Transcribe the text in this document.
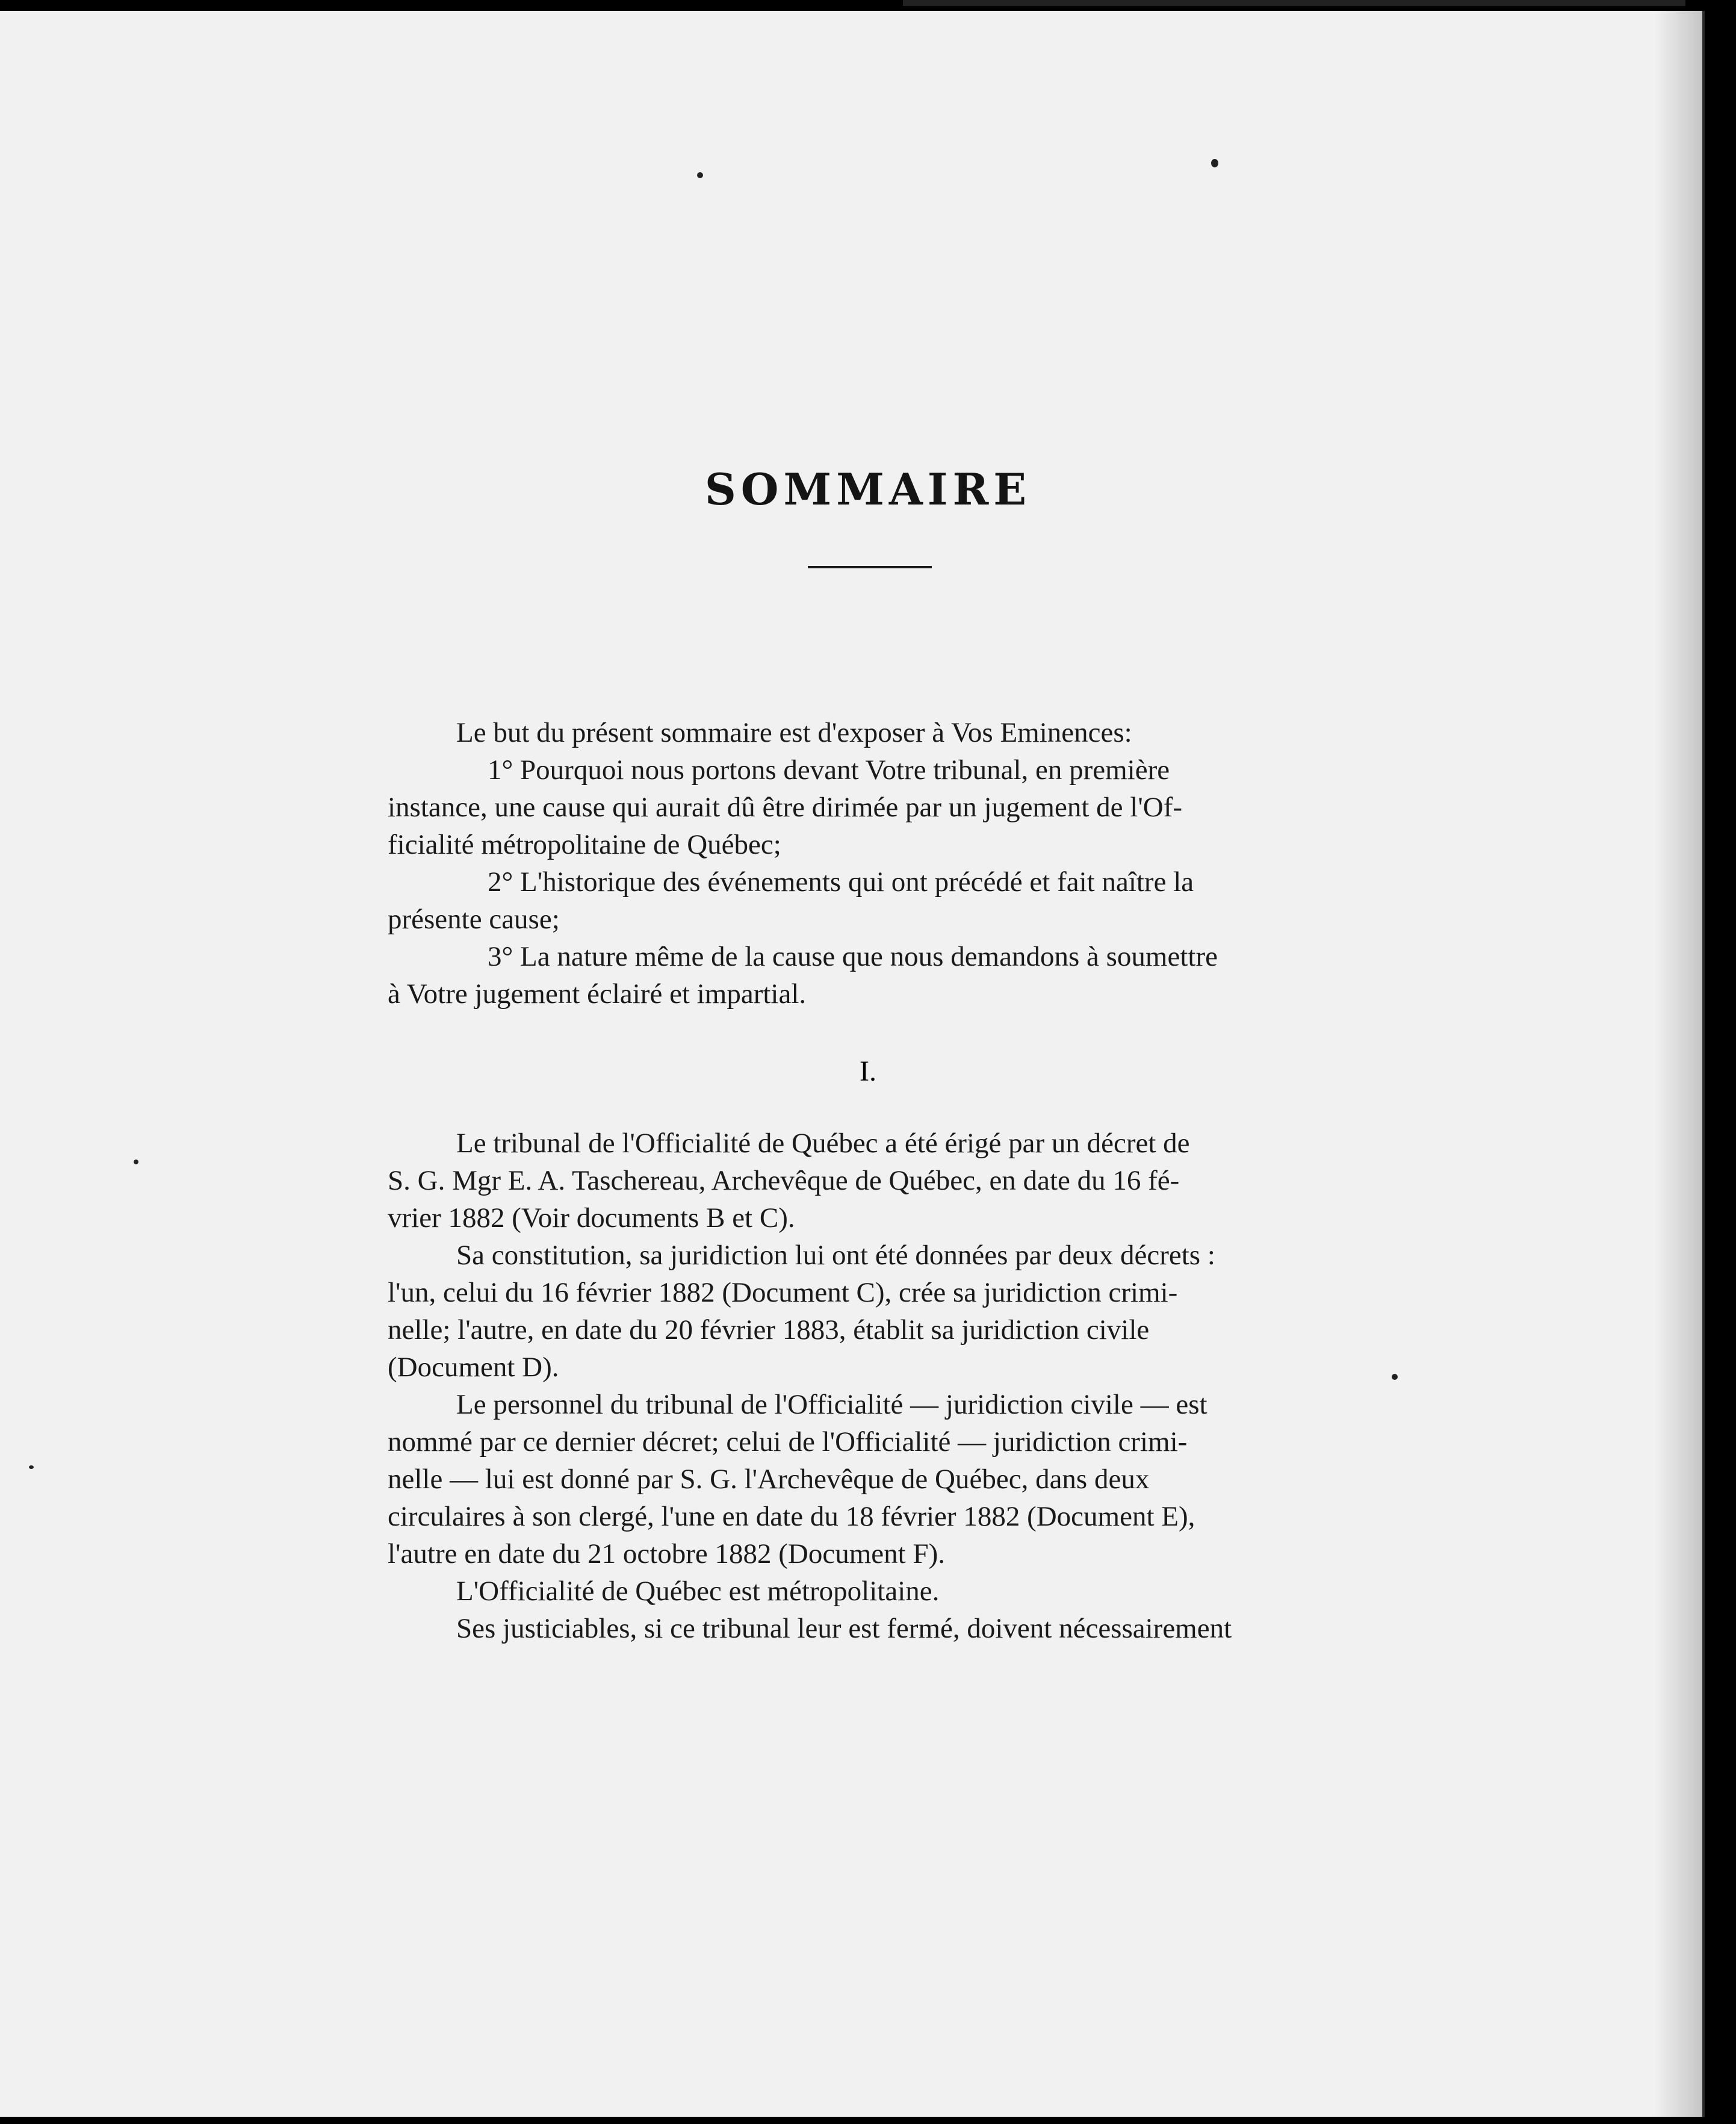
SOMMAIRE
Le but du présent sommaire est d'exposer à Vos Eminences:
1° Pourquoi nous portons devant Votre tribunal, en première
instance, une cause qui aurait dû être dirimée par un jugement de l'Of-
ficialité métropolitaine de Québec;
2° L'historique des événements qui ont précédé et fait naître la
présente cause;
3° La nature même de la cause que nous demandons à soumettre
à Votre jugement éclairé et impartial.
I.
Le tribunal de l'Officialité de Québec a été érigé par un décret de
S. G. Mgr E. A. Taschereau, Archevêque de Québec, en date du 16 fé-
vrier 1882 (Voir documents B et C).
Sa constitution, sa juridiction lui ont été données par deux décrets :
l'un, celui du 16 février 1882 (Document C), crée sa juridiction crimi-
nelle; l'autre, en date du 20 février 1883, établit sa juridiction civile
(Document D).
Le personnel du tribunal de l'Officialité — juridiction civile — est
nommé par ce dernier décret; celui de l'Officialité — juridiction crimi-
nelle — lui est donné par S. G. l'Archevêque de Québec, dans deux
circulaires à son clergé, l'une en date du 18 février 1882 (Document E),
l'autre en date du 21 octobre 1882 (Document F).
L'Officialité de Québec est métropolitaine.
Ses justiciables, si ce tribunal leur est fermé, doivent nécessairement
